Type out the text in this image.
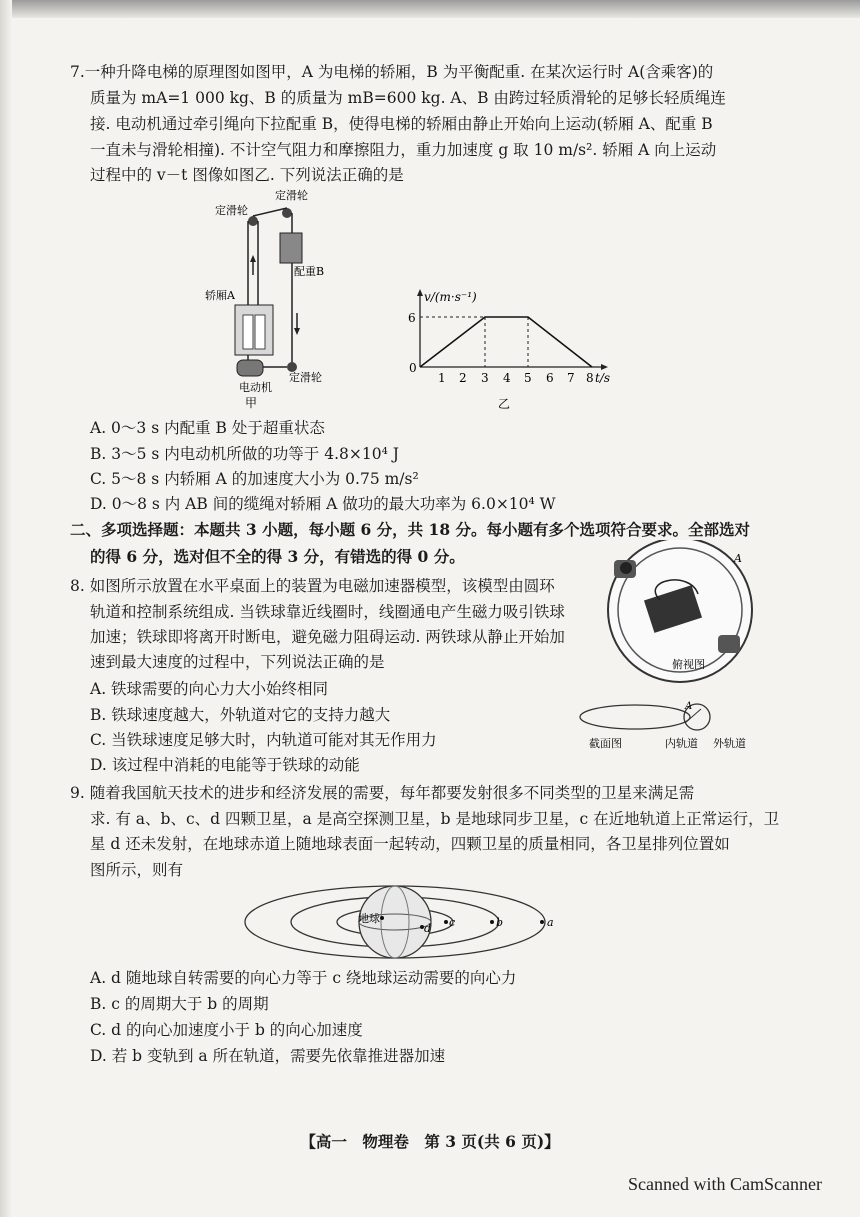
7.一种升降电梯的原理图如图甲，A 为电梯的轿厢，B 为平衡配重. 在某次运行时 A(含乘客)的
质量为 mA=1 000 kg、B 的质量为 mB=600 kg. A、B 由跨过轻质滑轮的足够长轻质绳连
接. 电动机通过牵引绳向下拉配重 B，使得电梯的轿厢由静止开始向上运动(轿厢 A、配重 B
一直未与滑轮相撞). 不计空气阻力和摩擦阻力，重力加速度 g 取 10 m/s². 轿厢 A 向上运动
过程中的 v－t 图像如图乙. 下列说法正确的是
定滑轮
定滑轮
配重B
轿厢A
电动机
定滑轮
甲
v/(m·s⁻¹)
6
0
1 2 3 4 5 6 7 8 t/s
乙
A. 0～3 s 内配重 B 处于超重状态
B. 3～5 s 内电动机所做的功等于 4.8×10⁴ J
C. 5～8 s 内轿厢 A 的加速度大小为 0.75 m/s²
D. 0～8 s 内 AB 间的缆绳对轿厢 A 做功的最大功率为 6.0×10⁴ W
二、多项选择题：本题共 3 小题，每小题 6 分，共 18 分。每小题有多个选项符合要求。全部选对
的得 6 分，选对但不全的得 3 分，有错选的得 0 分。
8. 如图所示放置在水平桌面上的装置为电磁加速器模型，该模型由圆环
轨道和控制系统组成. 当铁球靠近线圈时，线圈通电产生磁力吸引铁球
加速；铁球即将离开时断电，避免磁力阻碍运动. 两铁球从静止开始加
速到最大速度的过程中，下列说法正确的是
A. 铁球需要的向心力大小始终相同
B. 铁球速度越大，外轨道对它的支持力越大
C. 当铁球速度足够大时，内轨道可能对其无作用力
D. 该过程中消耗的电能等于铁球的动能
A
俯视图
A
截面图	内轨道 外轨道
9. 随着我国航天技术的进步和经济发展的需要，每年都要发射很多不同类型的卫星来满足需
求. 有 a、b、c、d 四颗卫星，a 是高空探测卫星，b 是地球同步卫星，c 在近地轨道上正常运行，卫
星 d 还未发射，在地球赤道上随地球表面一起转动，四颗卫星的质量相同，各卫星排列位置如
图所示，则有
地球
d c	b	a
A. d 随地球自转需要的向心力等于 c 绕地球运动需要的向心力
B. c 的周期大于 b 的周期
C. d 的向心加速度小于 b 的向心加速度
D. 若 b 变轨到 a 所在轨道，需要先依靠推进器加速
【高一　物理卷　第 3 页(共 6 页)】
Scanned with CamScanner
